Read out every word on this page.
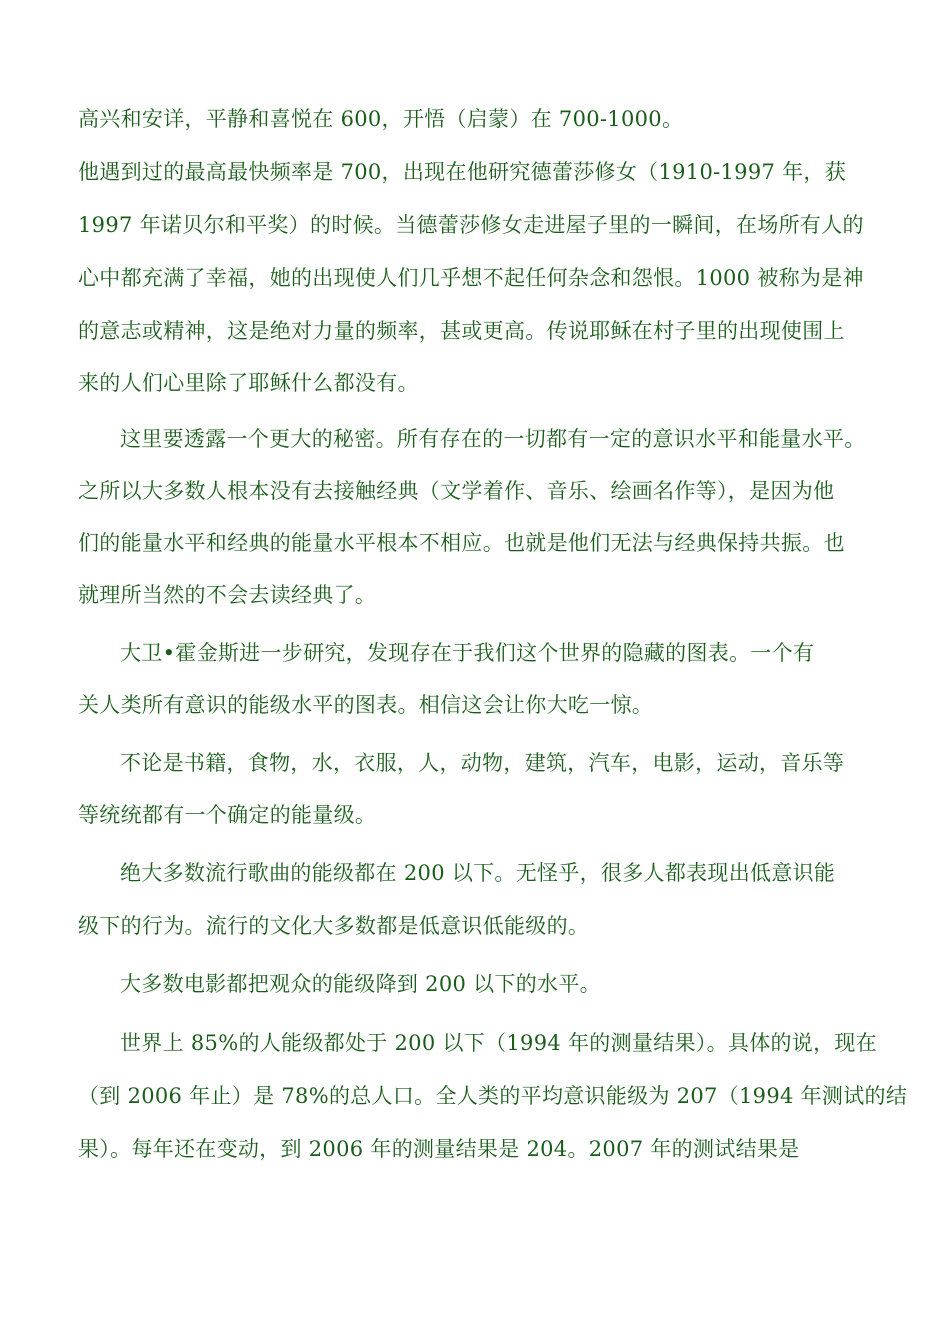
高兴和安详，平静和喜悦在 600，开悟（启蒙）在 700-1000。
他遇到过的最高最快频率是 700，出现在他研究德蕾莎修女（1910-1997 年，获
1997 年诺贝尔和平奖）的时候。当德蕾莎修女走进屋子里的一瞬间，在场所有人的
心中都充满了幸福，她的出现使人们几乎想不起任何杂念和怨恨。1000 被称为是神
的意志或精神，这是绝对力量的频率，甚或更高。传说耶稣在村子里的出现使围上
来的人们心里除了耶稣什么都没有。
这里要透露一个更大的秘密。所有存在的一切都有一定的意识水平和能量水平。
之所以大多数人根本没有去接触经典（文学着作、音乐、绘画名作等），是因为他
们的能量水平和经典的能量水平根本不相应。也就是他们无法与经典保持共振。也
就理所当然的不会去读经典了。
大卫•霍金斯进一步研究，发现存在于我们这个世界的隐藏的图表。一个有
关人类所有意识的能级水平的图表。相信这会让你大吃一惊。
不论是书籍，食物，水，衣服，人，动物，建筑，汽车，电影，运动，音乐等
等统统都有一个确定的能量级。
绝大多数流行歌曲的能级都在 200 以下。无怪乎，很多人都表现出低意识能
级下的行为。流行的文化大多数都是低意识低能级的。
大多数电影都把观众的能级降到 200 以下的水平。
世界上 85%的人能级都处于 200 以下（1994 年的测量结果）。具体的说，现在
（到 2006 年止）是 78%的总人口。全人类的平均意识能级为 207（1994 年测试的结
果）。每年还在变动，到 2006 年的测量结果是 204。2007 年的测试结果是
